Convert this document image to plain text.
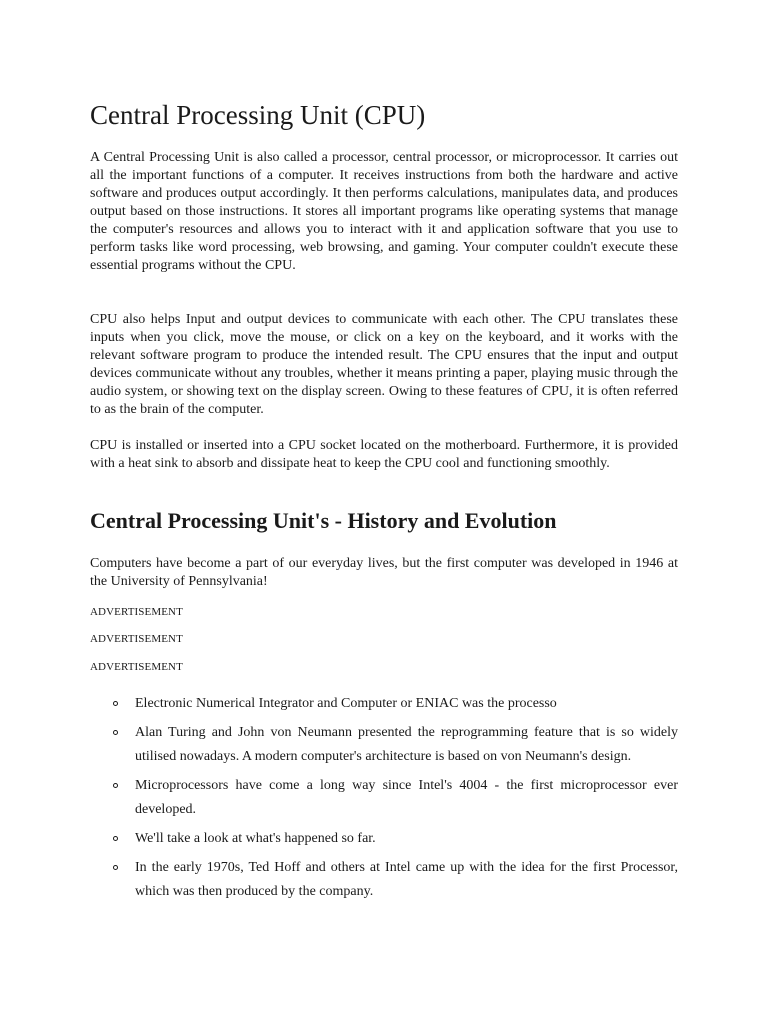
Central Processing Unit (CPU)

A Central Processing Unit is also called a processor, central processor, or microprocessor. It carries out all the important functions of a computer. It receives instructions from both the hardware and active software and produces output accordingly. It then performs calculations, manipulates data, and produces output based on those instructions. It stores all important programs like operating systems that manage the computer's resources and allows you to interact with it and application software that you use to perform tasks like word processing, web browsing, and gaming. Your computer couldn't execute these essential programs without the CPU.

CPU also helps Input and output devices to communicate with each other. The CPU translates these inputs when you click, move the mouse, or click on a key on the keyboard, and it works with the relevant software program to produce the intended result. The CPU ensures that the input and output devices communicate without any troubles, whether it means printing a paper, playing music through the audio system, or showing text on the display screen. Owing to these features of CPU, it is often referred to as the brain of the computer.

CPU is installed or inserted into a CPU socket located on the motherboard. Furthermore, it is provided with a heat sink to absorb and dissipate heat to keep the CPU cool and functioning smoothly.

Central Processing Unit's - History and Evolution

Computers have become a part of our everyday lives, but the first computer was developed in 1946 at the University of Pennsylvania!

ADVERTISEMENT
ADVERTISEMENT
ADVERTISEMENT
Electronic Numerical Integrator and Computer or ENIAC was the processo
Alan Turing and John von Neumann presented the reprogramming feature that is so widely utilised nowadays. A modern computer's architecture is based on von Neumann's design.
Microprocessors have come a long way since Intel's 4004 - the first microprocessor ever developed.
We'll take a look at what's happened so far.
In the early 1970s, Ted Hoff and others at Intel came up with the idea for the first Processor, which was then produced by the company.
